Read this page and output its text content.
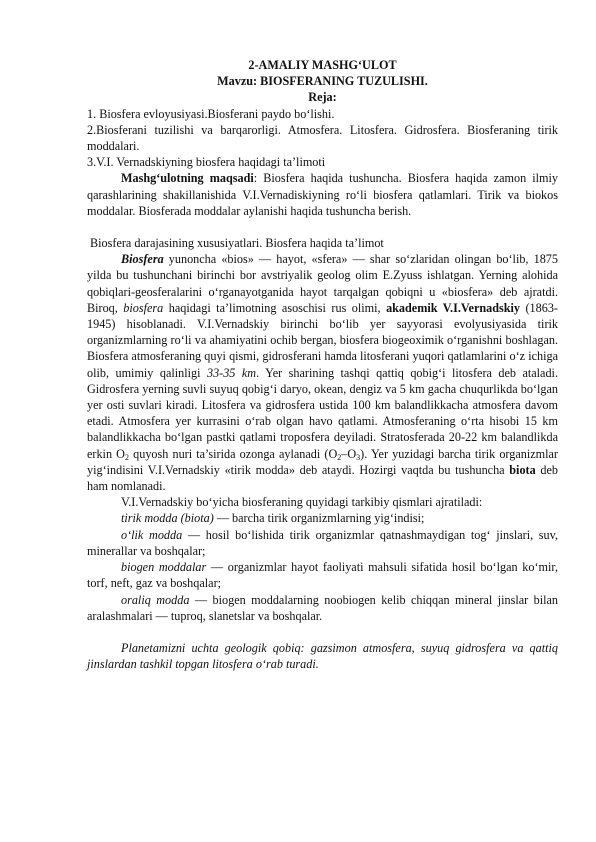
2-AMALIY MASHG‘ULOT

Mavzu: BIOSFERANING TUZULISHI.

Reja:

1. Biosfera evloyusiyasi.Biosferani paydo bo‘lishi.

2.Biosferani tuzilishi va barqarorligi. Atmosfera. Litosfera. Gidrosfera. Biosferaning tirik moddalari.

3.V.I. Vernadskiyning biosfera haqidagi ta’limoti

Mashg‘ulotning maqsadi: Biosfera haqida tushuncha. Biosfera haqida zamon ilmiy qarashlarining shakillanishida V.I.Vernadiskiyning ro‘li biosfera qatlamlari. Tirik va biokos moddalar. Biosferada moddalar aylanishi haqida tushuncha berish.

Biosfera darajasining xususiyatlari. Biosfera haqida ta’limot

Biosfera yunoncha «bios» — hayot, «sfera» — shar so‘zlaridan olingan bo‘lib, 1875 yilda bu tushunchani birinchi bor avstriyalik geolog olim E.Zyuss ishlatgan. Yerning alohida qobiqlari-geosferalarini o‘rganayotganida hayot tarqalgan qobiqni u «biosfera» deb ajratdi. Biroq, biosfera haqidagi ta’limotning asoschisi rus olimi, akademik V.I.Vernadskiy (1863-1945) hisoblanadi. V.I.Vernadskiy birinchi bo‘lib yer sayyorasi evolyusiyasida tirik organizmlarning ro‘li va ahamiyatini ochib bergan, biosfera biogeoximik o‘rganishni boshlagan. Biosfera atmosferaning quyi qismi, gidrosferani hamda litosferani yuqori qatlamlarini o‘z ichiga olib, umimiy qalinligi 33-35 km. Yer sharining tashqi qattiq qobig‘i litosfera deb ataladi. Gidrosfera yerning suvli suyuq qobig‘i daryo, okean, dengiz va 5 km gacha chuqurlikda bo‘lgan yer osti suvlari kiradi. Litosfera va gidrosfera ustida 100 km balandlikkacha atmosfera davom etadi. Atmosfera yer kurrasini o‘rab olgan havo qatlami. Atmosferaning o‘rta hisobi 15 km balandlikkacha bo‘lgan pastki qatlami troposfera deyiladi. Stratosferada 20-22 km balandlikda erkin $O_2$ quyosh nuri ta’sirida ozonga aylanadi $(O_2-O_3)$. Yer yuzidagi barcha tirik organizmlar yig‘indisini V.I.Vernadskiy «tirik modda» deb ataydi. Hozirgi vaqtda bu tushuncha biota deb ham nomlanadi.

V.I.Vernadskiy bo‘yicha biosferaning quyidagi tarkibiy qismlari ajratiladi:

tirik modda (biota) — barcha tirik organizmlarning yig‘indisi;

o‘lik modda — hosil bo‘lishida tirik organizmlar qatnashmaydigan tog‘ jinslari, suv, minerallar va boshqalar;

biogen moddalar — organizmlar hayot faoliyati mahsuli sifatida hosil bo‘lgan ko‘mir, torf, neft, gaz va boshqalar;

oraliq modda — biogen moddalarning noobiogen kelib chiqqan mineral jinslar bilan aralashmalari — tuproq, slanetslar va boshqalar.

Planetamizni uchta geologik qobiq: gazsimon atmosfera, suyuq gidrosfera va qattiq jinslardan tashkil topgan litosfera o‘rab turadi.
